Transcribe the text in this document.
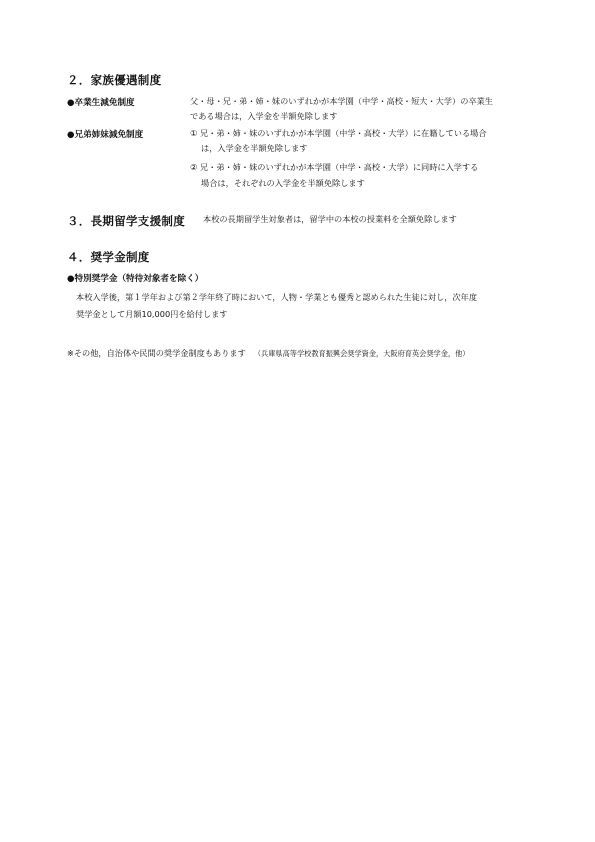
２．家族優遇制度
●卒業生減免制度	父・母・兄・弟・姉・妹のいずれかが本学園（中学・高校・短大・大学）の卒業生
である場合は，入学金を半額免除します
●兄弟姉妹減免制度	① 兄・弟・姉・妹のいずれかが本学園（中学・高校・大学）に在籍している場合
は，入学金を半額免除します
② 兄・弟・姉・妹のいずれかが本学園（中学・高校・大学）に同時に入学する
場合は，それぞれの入学金を半額免除します
３．長期留学支援制度 本校の長期留学生対象者は，留学中の本校の授業料を全額免除します
４．奨学金制度
●特別奨学金（特待対象者を除く）
本校入学後，第１学年および第２学年終了時において，人物・学業とも優秀と認められた生徒に対し，次年度
奨学金として月額10,000円を給付します
※その他，自治体や民間の奨学金制度もあります （兵庫県高等学校教育振興会奨学資金，大阪府育英会奨学金，他）
